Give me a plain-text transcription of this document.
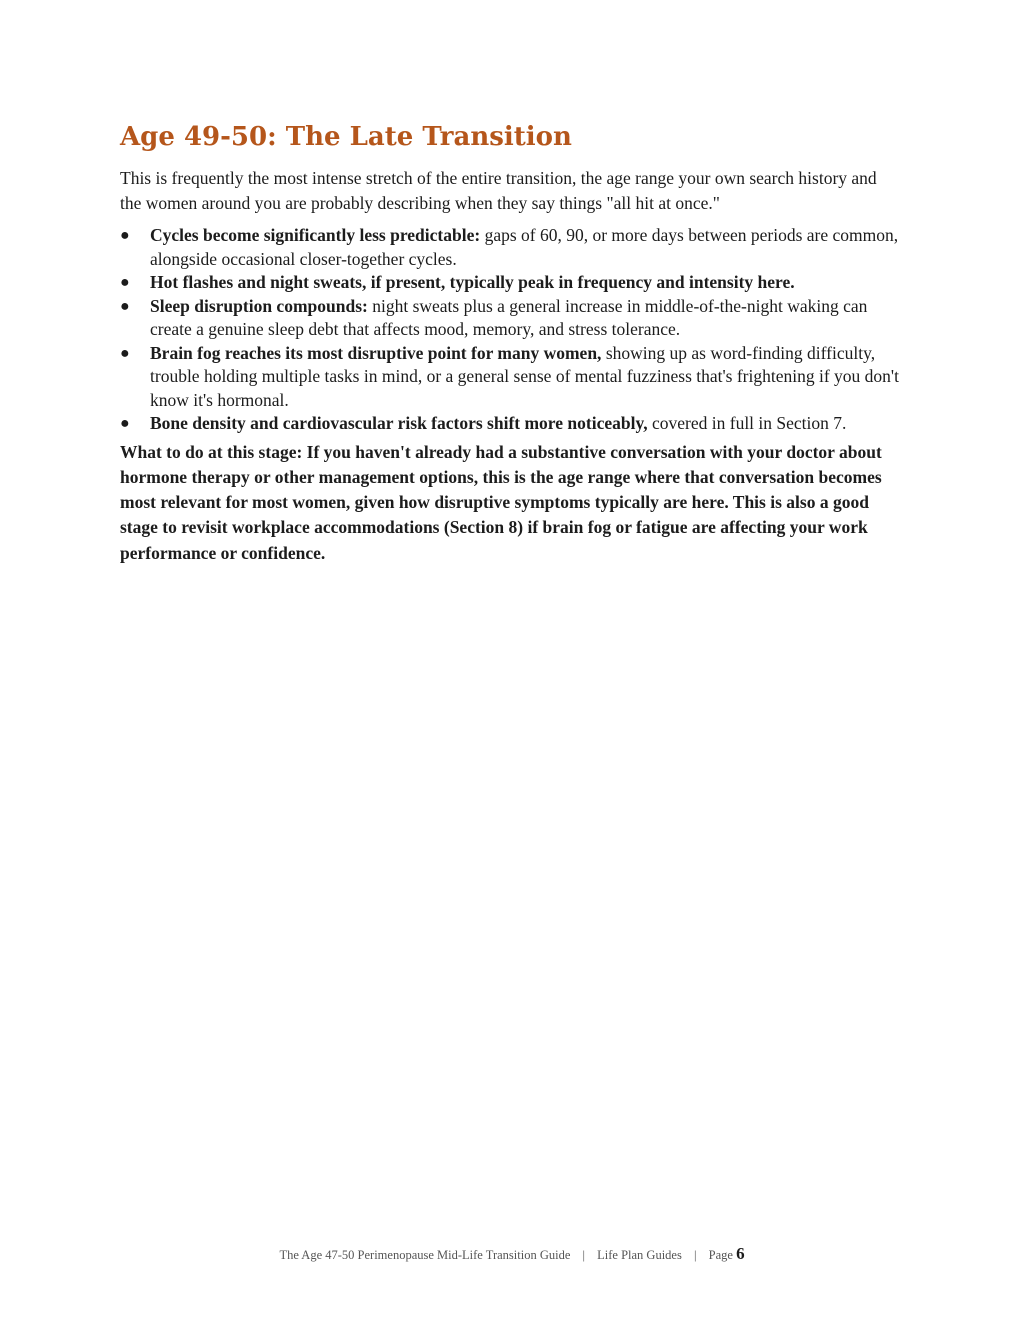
Age 49-50: The Late Transition

This is frequently the most intense stretch of the entire transition, the age range your own search history and the women around you are probably describing when they say things "all hit at once."

● Cycles become significantly less predictable: gaps of 60, 90, or more days between periods are common, alongside occasional closer-together cycles.
● Hot flashes and night sweats, if present, typically peak in frequency and intensity here.
● Sleep disruption compounds: night sweats plus a general increase in middle-of-the-night waking can create a genuine sleep debt that affects mood, memory, and stress tolerance.
● Brain fog reaches its most disruptive point for many women, showing up as word-finding difficulty, trouble holding multiple tasks in mind, or a general sense of mental fuzziness that's frightening if you don't know it's hormonal.
● Bone density and cardiovascular risk factors shift more noticeably, covered in full in Section 7.

What to do at this stage: If you haven't already had a substantive conversation with your doctor about hormone therapy or other management options, this is the age range where that conversation becomes most relevant for most women, given how disruptive symptoms typically are here. This is also a good stage to revisit workplace accommodations (Section 8) if brain fog or fatigue are affecting your work performance or confidence.

The Age 47-50 Perimenopause Mid-Life Transition Guide | Life Plan Guides | Page 6
